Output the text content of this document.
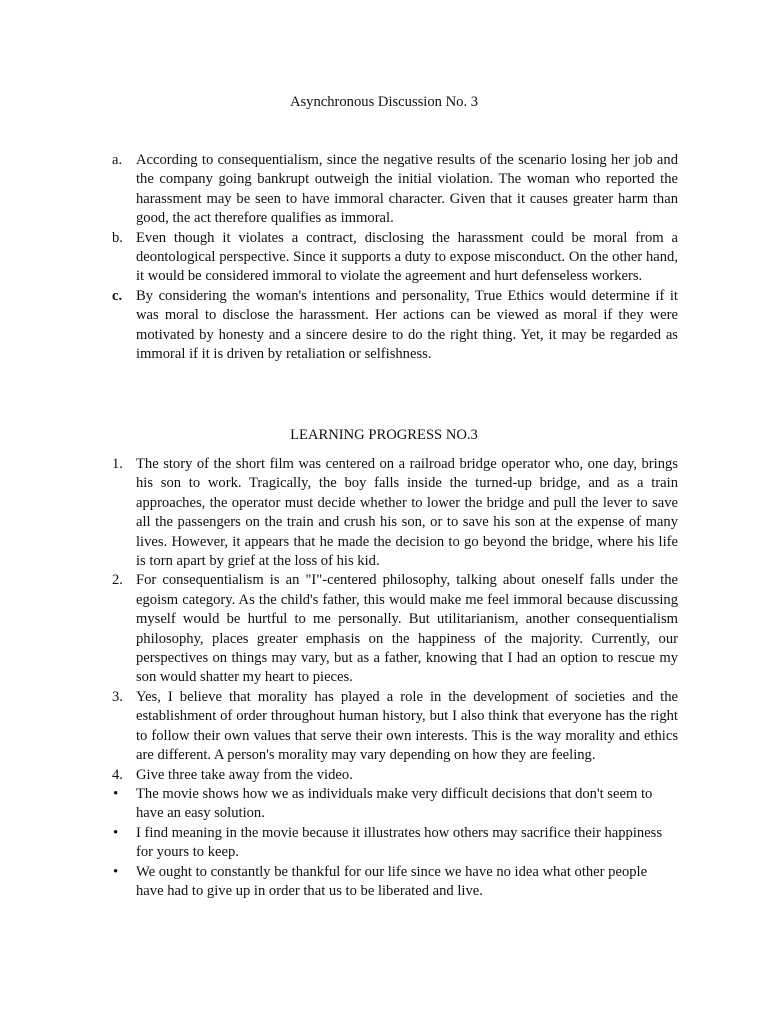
Asynchronous Discussion No. 3
a. According to consequentialism, since the negative results of the scenario losing her job and the company going bankrupt outweigh the initial violation. The woman who reported the harassment may be seen to have immoral character. Given that it causes greater harm than good, the act therefore qualifies as immoral.
b. Even though it violates a contract, disclosing the harassment could be moral from a deontological perspective. Since it supports a duty to expose misconduct. On the other hand, it would be considered immoral to violate the agreement and hurt defenseless workers.
c. By considering the woman's intentions and personality, True Ethics would determine if it was moral to disclose the harassment. Her actions can be viewed as moral if they were motivated by honesty and a sincere desire to do the right thing. Yet, it may be regarded as immoral if it is driven by retaliation or selfishness.
LEARNING PROGRESS NO.3
1. The story of the short film was centered on a railroad bridge operator who, one day, brings his son to work. Tragically, the boy falls inside the turned-up bridge, and as a train approaches, the operator must decide whether to lower the bridge and pull the lever to save all the passengers on the train and crush his son, or to save his son at the expense of many lives. However, it appears that he made the decision to go beyond the bridge, where his life is torn apart by grief at the loss of his kid.
2. For consequentialism is an "I"-centered philosophy, talking about oneself falls under the egoism category. As the child's father, this would make me feel immoral because discussing myself would be hurtful to me personally. But utilitarianism, another consequentialism philosophy, places greater emphasis on the happiness of the majority. Currently, our perspectives on things may vary, but as a father, knowing that I had an option to rescue my son would shatter my heart to pieces.
3. Yes, I believe that morality has played a role in the development of societies and the establishment of order throughout human history, but I also think that everyone has the right to follow their own values that serve their own interests. This is the way morality and ethics are different. A person's morality may vary depending on how they are feeling.
4. Give three take away from the video.
• The movie shows how we as individuals make very difficult decisions that don't seem to have an easy solution.
• I find meaning in the movie because it illustrates how others may sacrifice their happiness for yours to keep.
• We ought to constantly be thankful for our life since we have no idea what other people have had to give up in order that us to be liberated and live.
